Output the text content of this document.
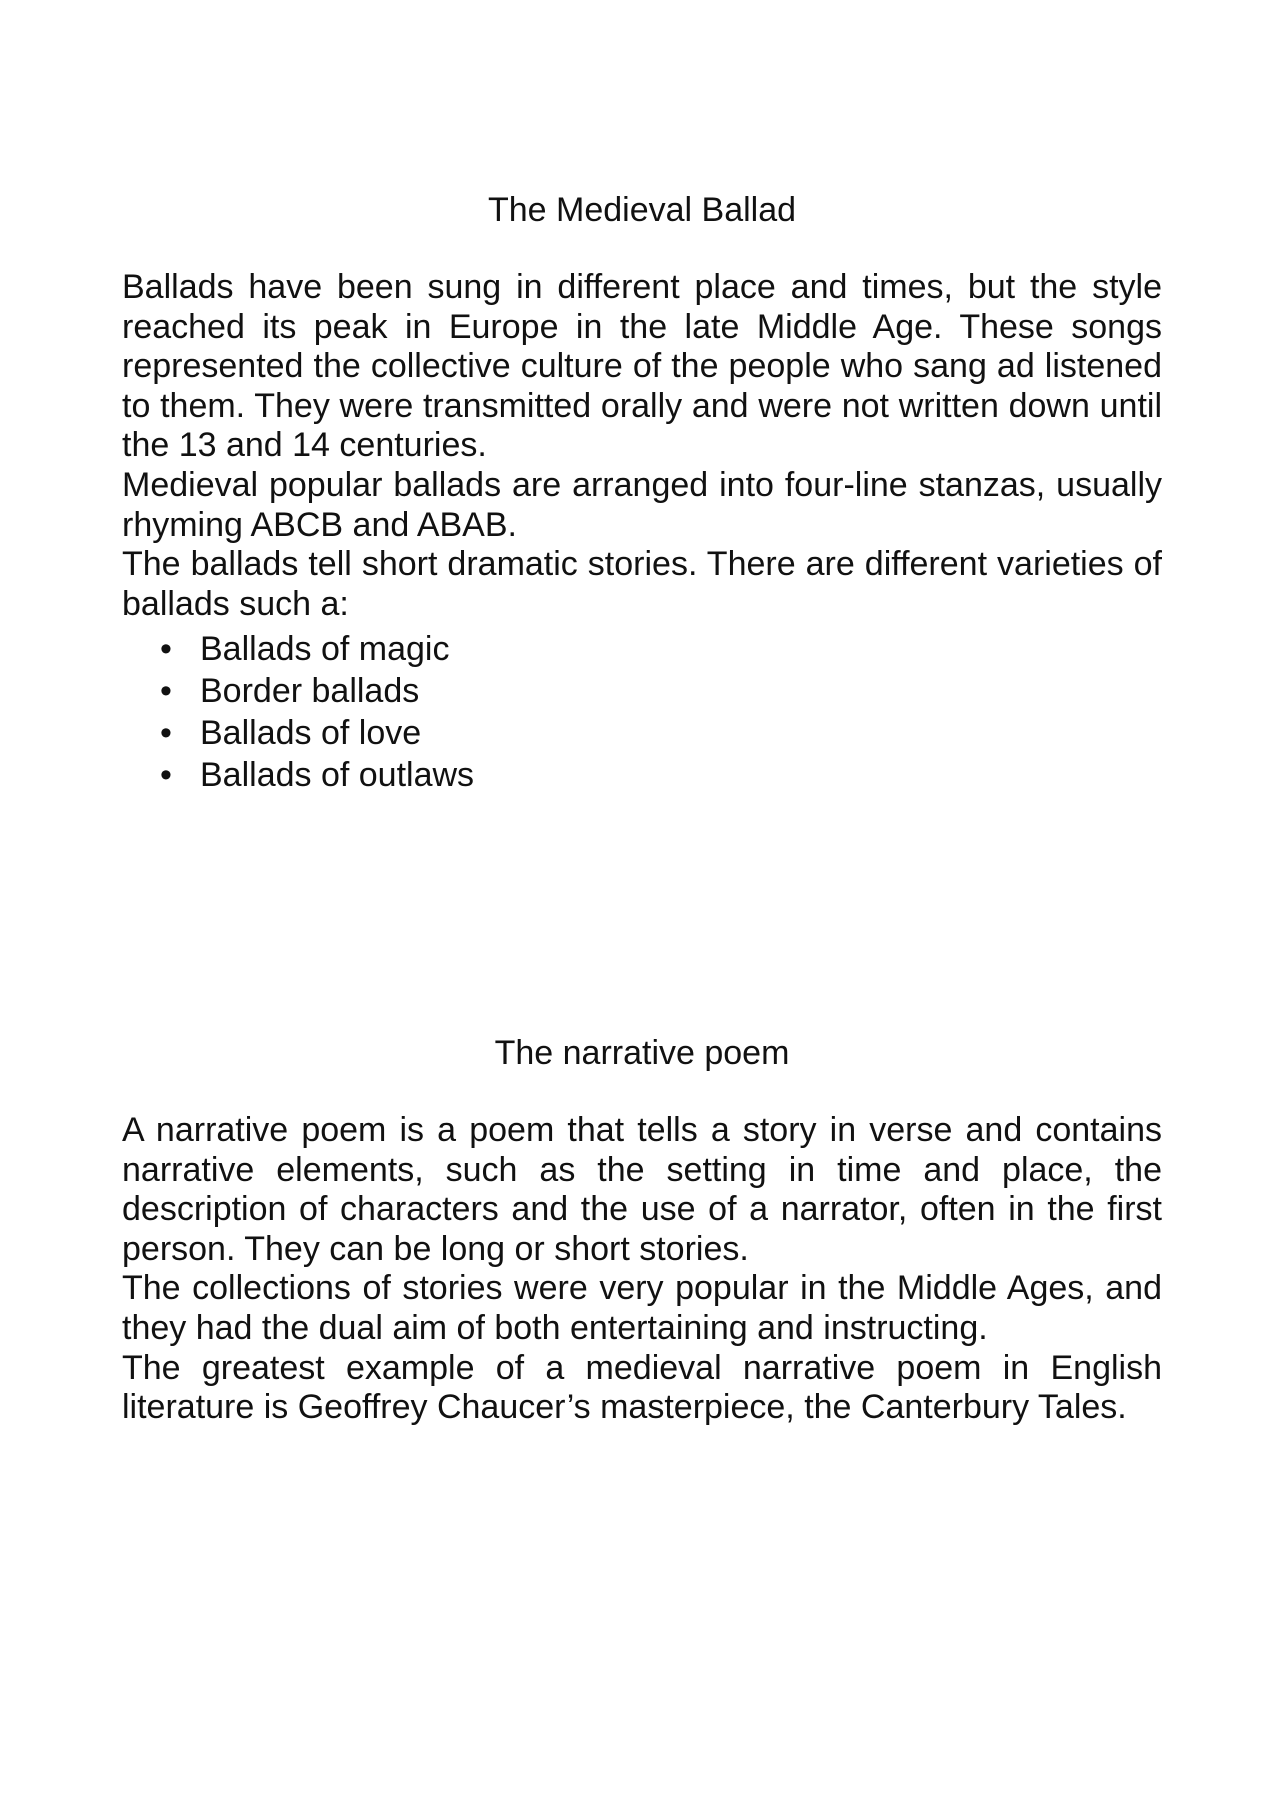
The Medieval Ballad

Ballads have been sung in different place and times, but the style reached its peak in Europe in the late Middle Age. These songs represented the collective culture of the people who sang ad listened to them. They were transmitted orally and were not written down until the 13 and 14 centuries.

Medieval popular ballads are arranged into four-line stanzas, usually rhyming ABCB and ABAB.

The ballads tell short dramatic stories. There are different varieties of ballads such a:

• Ballads of magic
• Border ballads
• Ballads of love
• Ballads of outlaws
The narrative poem

A narrative poem is a poem that tells a story in verse and contains narrative elements, such as the setting in time and place, the description of characters and the use of a narrator, often in the first person. They can be long or short stories.

The collections of stories were very popular in the Middle Ages, and they had the dual aim of both entertaining and instructing.

The greatest example of a medieval narrative poem in English literature is Geoffrey Chaucer’s masterpiece, the Canterbury Tales.
